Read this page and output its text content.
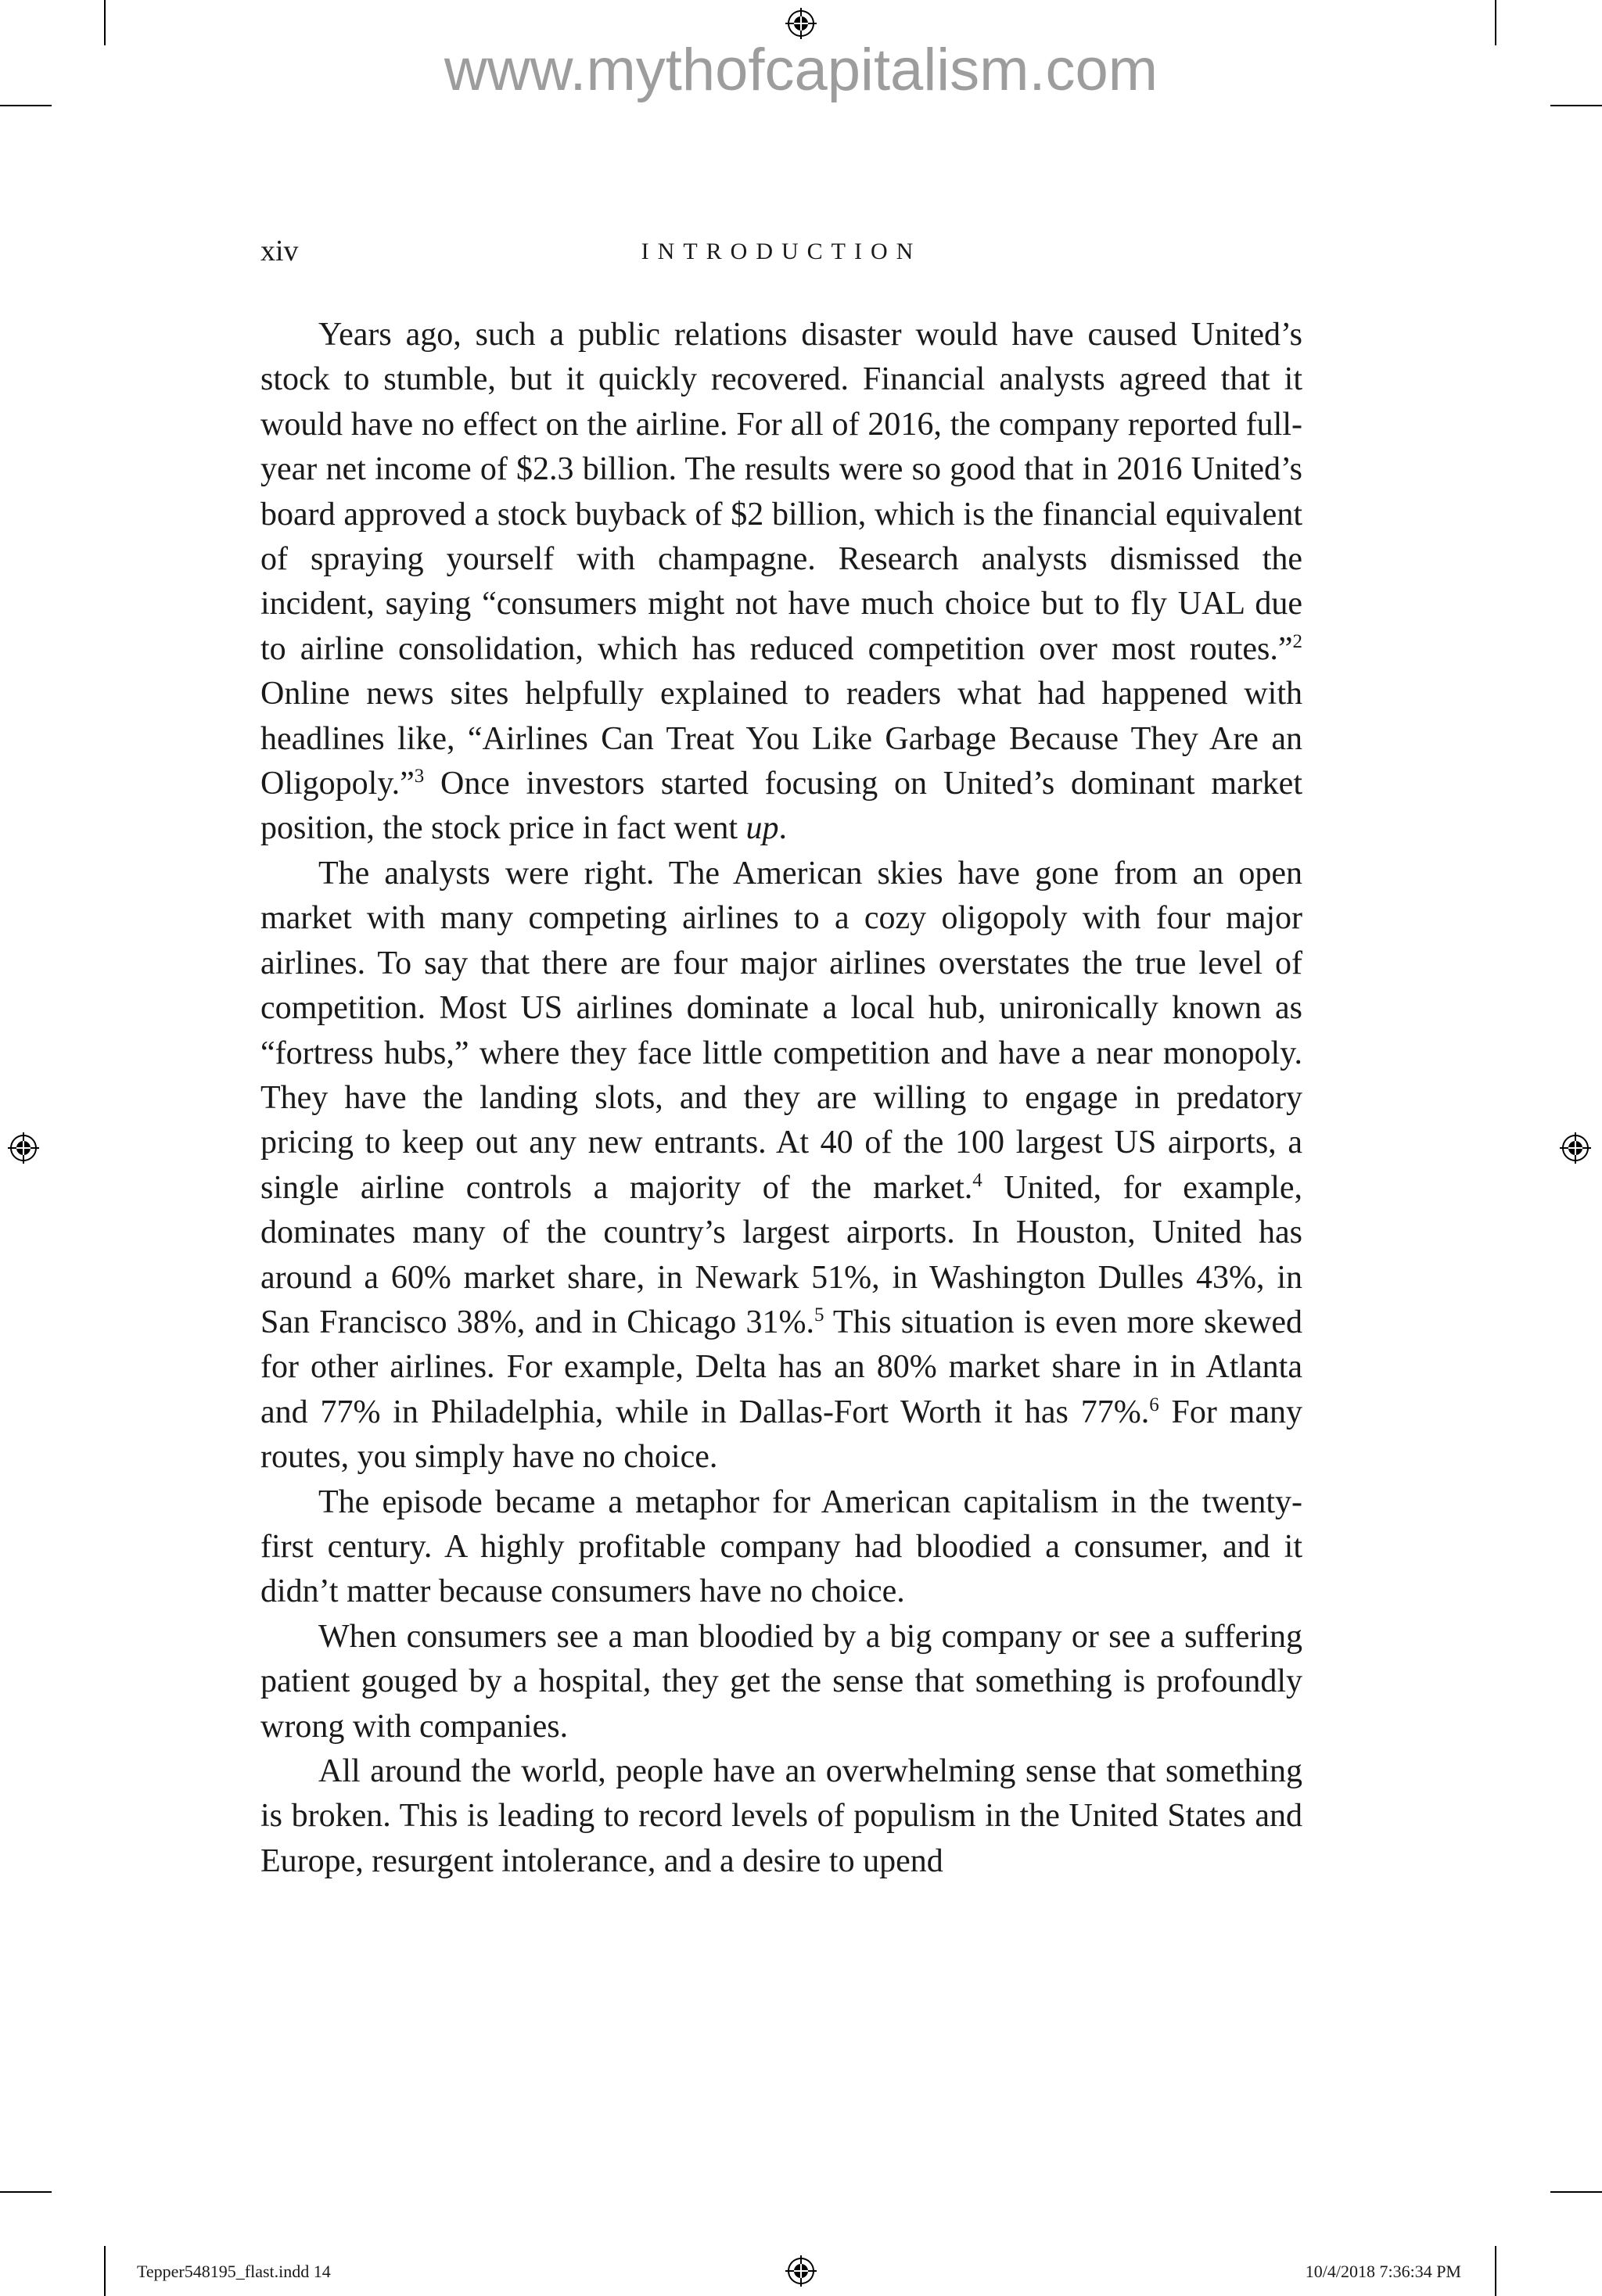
www.mythofcapitalism.com
xiv	INTRODUCTION

Years ago, such a public relations disaster would have caused United’s stock to stumble, but it quickly recovered. Financial analysts agreed that it would have no effect on the airline. For all of 2016, the company reported full-year net income of $2.3 billion. The results were so good that in 2016 United’s board approved a stock buyback of $2 billion, which is the financial equivalent of spraying yourself with champagne. Research analysts dismissed the incident, saying “consumers might not have much choice but to fly UAL due to airline consolidation, which has reduced competition over most routes.”$^2$ Online news sites helpfully explained to readers what had happened with headlines like, “Airlines Can Treat You Like Garbage Because They Are an Oligopoly.”$^3$ Once investors started focusing on United’s dominant market position, the stock price in fact went up.

The analysts were right. The American skies have gone from an open market with many competing airlines to a cozy oligopoly with four major airlines. To say that there are four major airlines overstates the true level of competition. Most US airlines dominate a local hub, unironically known as “fortress hubs,” where they face little competition and have a near monopoly. They have the landing slots, and they are willing to engage in predatory pricing to keep out any new entrants. At 40 of the 100 largest US airports, a single airline controls a majority of the market.$^4$ United, for example, dominates many of the country’s largest airports. In Houston, United has around a 60% market share, in Newark 51%, in Washington Dulles 43%, in San Francisco 38%, and in Chicago 31%.$^5$ This situation is even more skewed for other airlines. For example, Delta has an 80% market share in in Atlanta and 77% in Philadelphia, while in Dallas-Fort Worth it has 77%.$^6$ For many routes, you simply have no choice.

The episode became a metaphor for American capitalism in the twenty-first century. A highly profitable company had bloodied a consumer, and it didn’t matter because consumers have no choice.

When consumers see a man bloodied by a big company or see a suffering patient gouged by a hospital, they get the sense that something is profoundly wrong with companies.

All around the world, people have an overwhelming sense that something is broken. This is leading to record levels of populism in the United States and Europe, resurgent intolerance, and a desire to upend

Tepper548195_flast.indd 14	10/4/2018 7:36:34 PM
